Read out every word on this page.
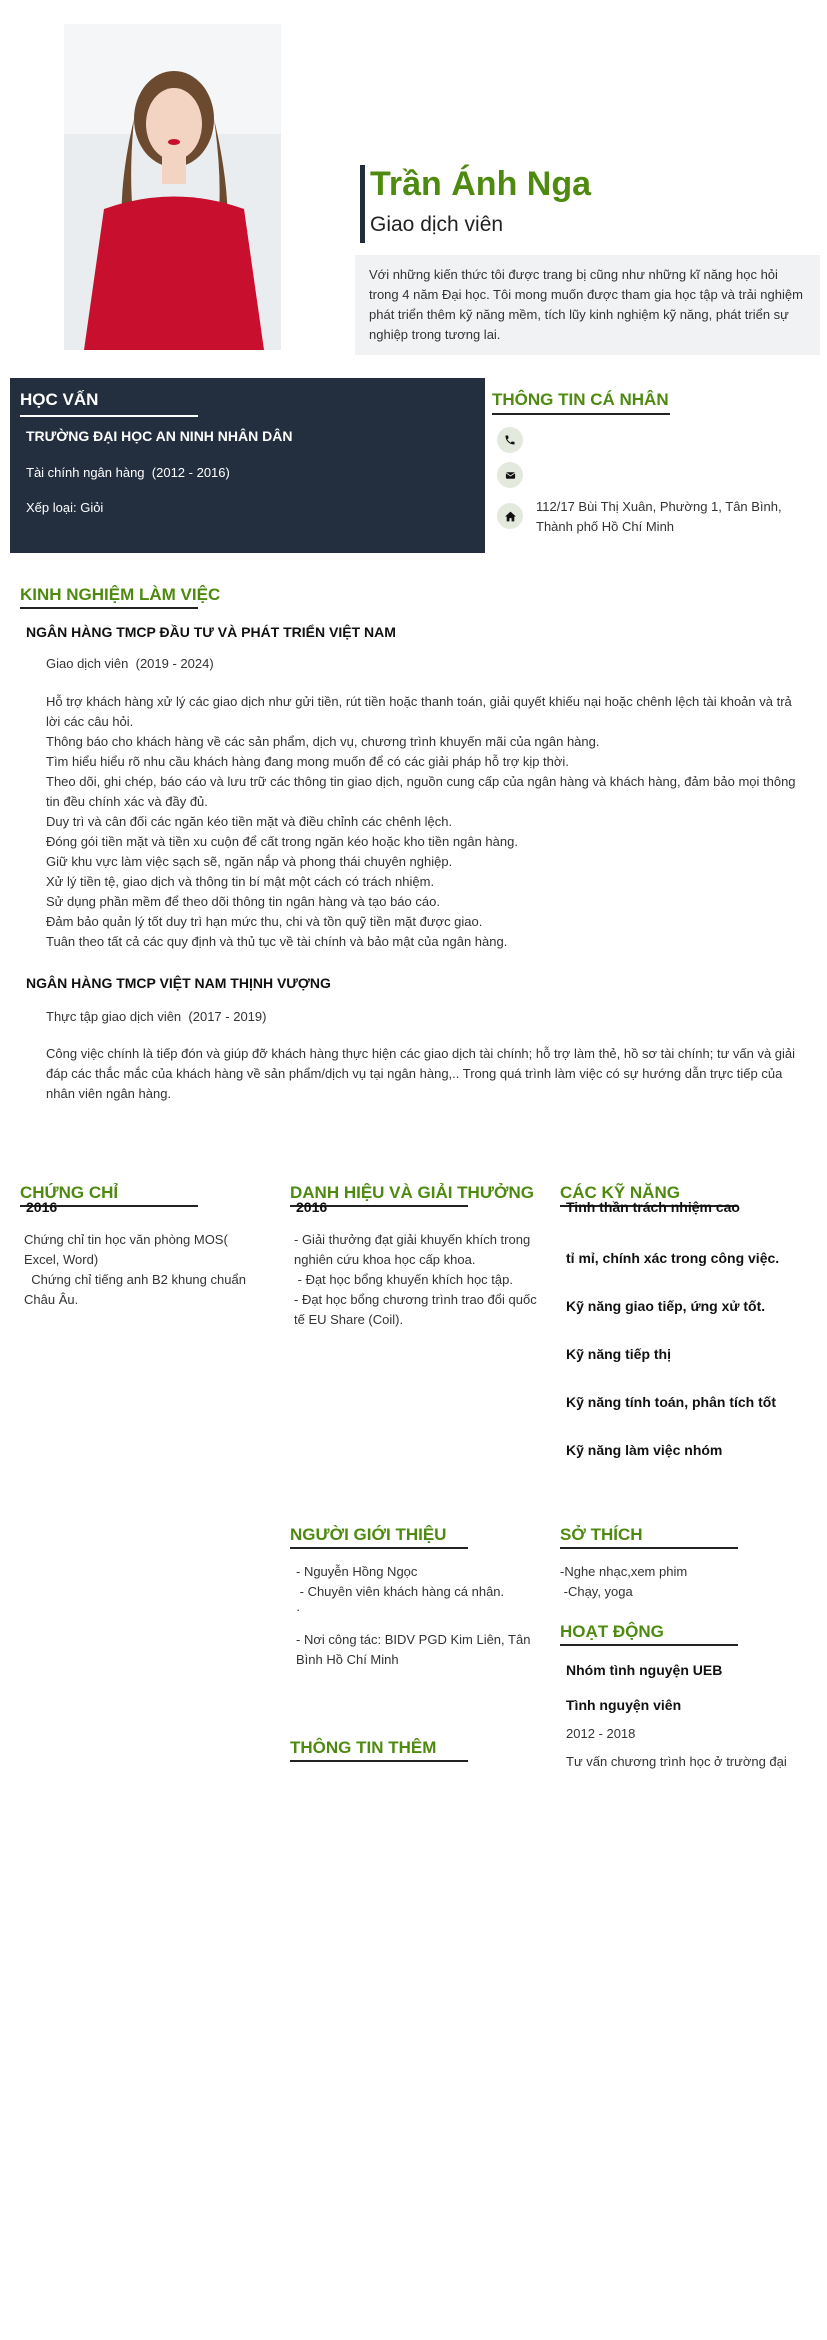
Trần Ánh Nga
Giao dịch viên
Với những kiến thức tôi được trang bị cũng như những kĩ năng học hỏi trong 4 năm Đại học. Tôi mong muốn được tham gia học tập và trải nghiệm phát triển thêm kỹ năng mềm, tích lũy kinh nghiệm kỹ năng, phát triển sự nghiệp trong tương lai.
HỌC VẤN
TRƯỜNG ĐẠI HỌC AN NINH NHÂN DÂN
Tài chính ngân hàng (2012 - 2016)
Xếp loại: Giỏi
THÔNG TIN CÁ NHÂN
112/17 Bùi Thị Xuân, Phường 1, Tân Bình, Thành phố Hồ Chí Minh
KINH NGHIỆM LÀM VIỆC
NGÂN HÀNG TMCP ĐẦU TƯ VÀ PHÁT TRIỂN VIỆT NAM
Giao dịch viên (2019 - 2024)
Hỗ trợ khách hàng xử lý các giao dịch như gửi tiền, rút tiền hoặc thanh toán, giải quyết khiếu nại hoặc chênh lệch tài khoản và trả lời các câu hỏi.
Thông báo cho khách hàng về các sản phẩm, dịch vụ, chương trình khuyến mãi của ngân hàng.
Tìm hiểu hiểu rõ nhu cầu khách hàng đang mong muốn để có các giải pháp hỗ trợ kịp thời.
Theo dõi, ghi chép, báo cáo và lưu trữ các thông tin giao dịch, nguồn cung cấp của ngân hàng và khách hàng, đảm bảo mọi thông tin đều chính xác và đầy đủ.
Duy trì và cân đối các ngăn kéo tiền mặt và điều chỉnh các chênh lệch.
Đóng gói tiền mặt và tiền xu cuộn để cất trong ngăn kéo hoặc kho tiền ngân hàng.
Giữ khu vực làm việc sạch sẽ, ngăn nắp và phong thái chuyên nghiệp.
Xử lý tiền tệ, giao dịch và thông tin bí mật một cách có trách nhiệm.
Sử dụng phần mềm để theo dõi thông tin ngân hàng và tạo báo cáo.
Đảm bảo quản lý tốt duy trì hạn mức thu, chi và tồn quỹ tiền mặt được giao.
Tuân theo tất cả các quy định và thủ tục về tài chính và bảo mật của ngân hàng.
NGÂN HÀNG TMCP VIỆT NAM THỊNH VƯỢNG
Thực tập giao dịch viên (2017 - 2019)
Công việc chính là tiếp đón và giúp đỡ khách hàng thực hiện các giao dịch tài chính; hỗ trợ làm thẻ, hồ sơ tài chính; tư vấn và giải đáp các thắc mắc của khách hàng về sản phẩm/dịch vụ tại ngân hàng,.. Trong quá trình làm việc có sự hướng dẫn trực tiếp của nhân viên ngân hàng.
CHỨNG CHỈ
2016
Chứng chỉ tin học văn phòng MOS( Excel, Word)
Chứng chỉ tiếng anh B2 khung chuẩn Châu Âu.
DANH HIỆU VÀ GIẢI THƯỞNG
2016
- Giải thưởng đạt giải khuyến khích trong nghiên cứu khoa học cấp khoa.
- Đạt học bổng khuyến khích học tập.
- Đạt học bổng chương trình trao đổi quốc tế EU Share (Coil).
CÁC KỸ NĂNG
Tinh thần trách nhiệm cao
tỉ mỉ, chính xác trong công việc.
Kỹ năng giao tiếp, ứng xử tốt.
Kỹ năng tiếp thị
Kỹ năng tính toán, phân tích tốt
Kỹ năng làm việc nhóm
NGƯỜI GIỚI THIỆU
- Nguyễn Hồng Ngọc
- Chuyên viên khách hàng cá nhân.
·
- Nơi công tác: BIDV PGD Kim Liên, Tân Bình Hồ Chí Minh
SỞ THÍCH
-Nghe nhạc,xem phim
-Chạy, yoga
HOẠT ĐỘNG
Nhóm tình nguyện UEB
Tình nguyện viên
2012 - 2018
Tư vấn chương trình học ở trường đại
THÔNG TIN THÊM
